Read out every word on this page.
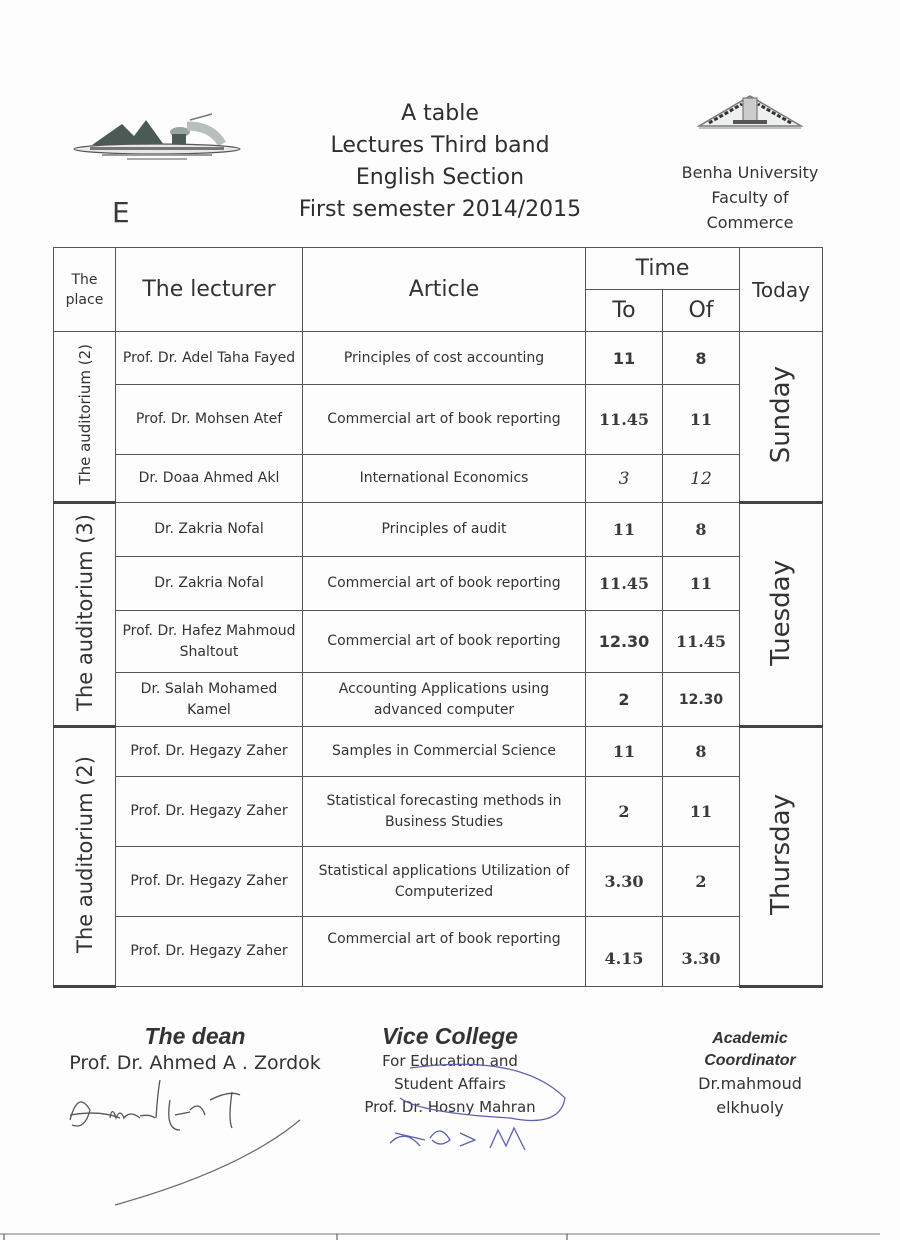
E
A table
Lectures Third band
English Section
First semester 2014/2015
Benha University
Faculty of
Commerce
The place	The lecturer	Article	Time		Today
			To	Of	
The auditorium (2)	Prof. Dr. Adel Taha Fayed	Principles of cost accounting	11	8	Sunday
	Prof. Dr. Mohsen Atef	Commercial art of book reporting	11.45	11	
	Dr. Doaa Ahmed Akl	International Economics	3	12	
The auditorium (3)	Dr. Zakria Nofal	Principles of audit	11	8	Tuesday
	Dr. Zakria Nofal	Commercial art of book reporting	11.45	11	
	Prof. Dr. Hafez Mahmoud Shaltout	Commercial art of book reporting	12.30	11.45	
	Dr. Salah Mohamed Kamel	Accounting Applications using advanced computer	2	12.30	
The auditorium (2)	Prof. Dr. Hegazy Zaher	Samples in Commercial Science	11	8	Thursday
	Prof. Dr. Hegazy Zaher	Statistical forecasting methods in Business Studies	2	11	
	Prof. Dr. Hegazy Zaher	Statistical applications Utilization of Computerized	3.30	2	
	Prof. Dr. Hegazy Zaher	Commercial art of book reporting	4.15	3.30	
The dean
Prof. Dr. Ahmed A . Zordok
Vice College
For Education and
Student Affairs
Prof. Dr. Hosny Mahran
Academic
Coordinator
Dr.mahmoud
elkhuoly
